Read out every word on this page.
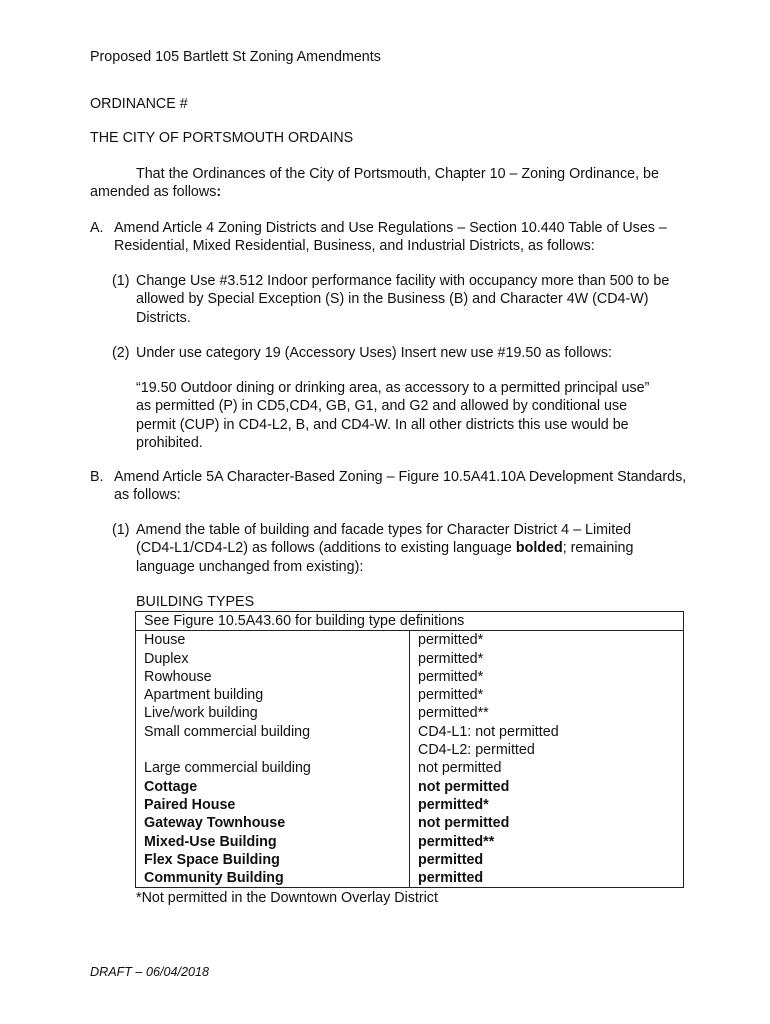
Proposed 105 Bartlett St Zoning Amendments

ORDINANCE #

THE CITY OF PORTSMOUTH ORDAINS

That the Ordinances of the City of Portsmouth, Chapter 10 – Zoning Ordinance, be amended as follows:

A. Amend Article 4 Zoning Districts and Use Regulations – Section 10.440 Table of Uses – Residential, Mixed Residential, Business, and Industrial Districts, as follows:
(1) Change Use #3.512 Indoor performance facility with occupancy more than 500 to be allowed by Special Exception (S) in the Business (B) and Character 4W (CD4-W) Districts.
(2) Under use category 19 (Accessory Uses) Insert new use #19.50 as follows:

“19.50 Outdoor dining or drinking area, as accessory to a permitted principal use” as permitted (P) in CD5,CD4, GB, G1, and G2 and allowed by conditional use permit (CUP) in CD4-L2, B, and CD4-W. In all other districts this use would be prohibited.

B. Amend Article 5A Character-Based Zoning – Figure 10.5A41.10A Development Standards, as follows:
(1) Amend the table of building and facade types for Character District 4 – Limited (CD4-L1/CD4-L2) as follows (additions to existing language bolded; remaining language unchanged from existing):

BUILDING TYPES

See Figure 10.5A43.60 for building type definitions	
House	permitted*
Duplex	permitted*
Rowhouse	permitted*
Apartment building	permitted*
Live/work building	permitted**
Small commercial building	CD4-L1: not permitted
CD4-L2: permitted

Large commercial building	not permitted
Cottage	not permitted
Paired House	permitted*
Gateway Townhouse	not permitted
Mixed-Use Building	permitted**
Flex Space Building	permitted
Community Building	permitted

*Not permitted in the Downtown Overlay District

DRAFT – 06/04/2018
